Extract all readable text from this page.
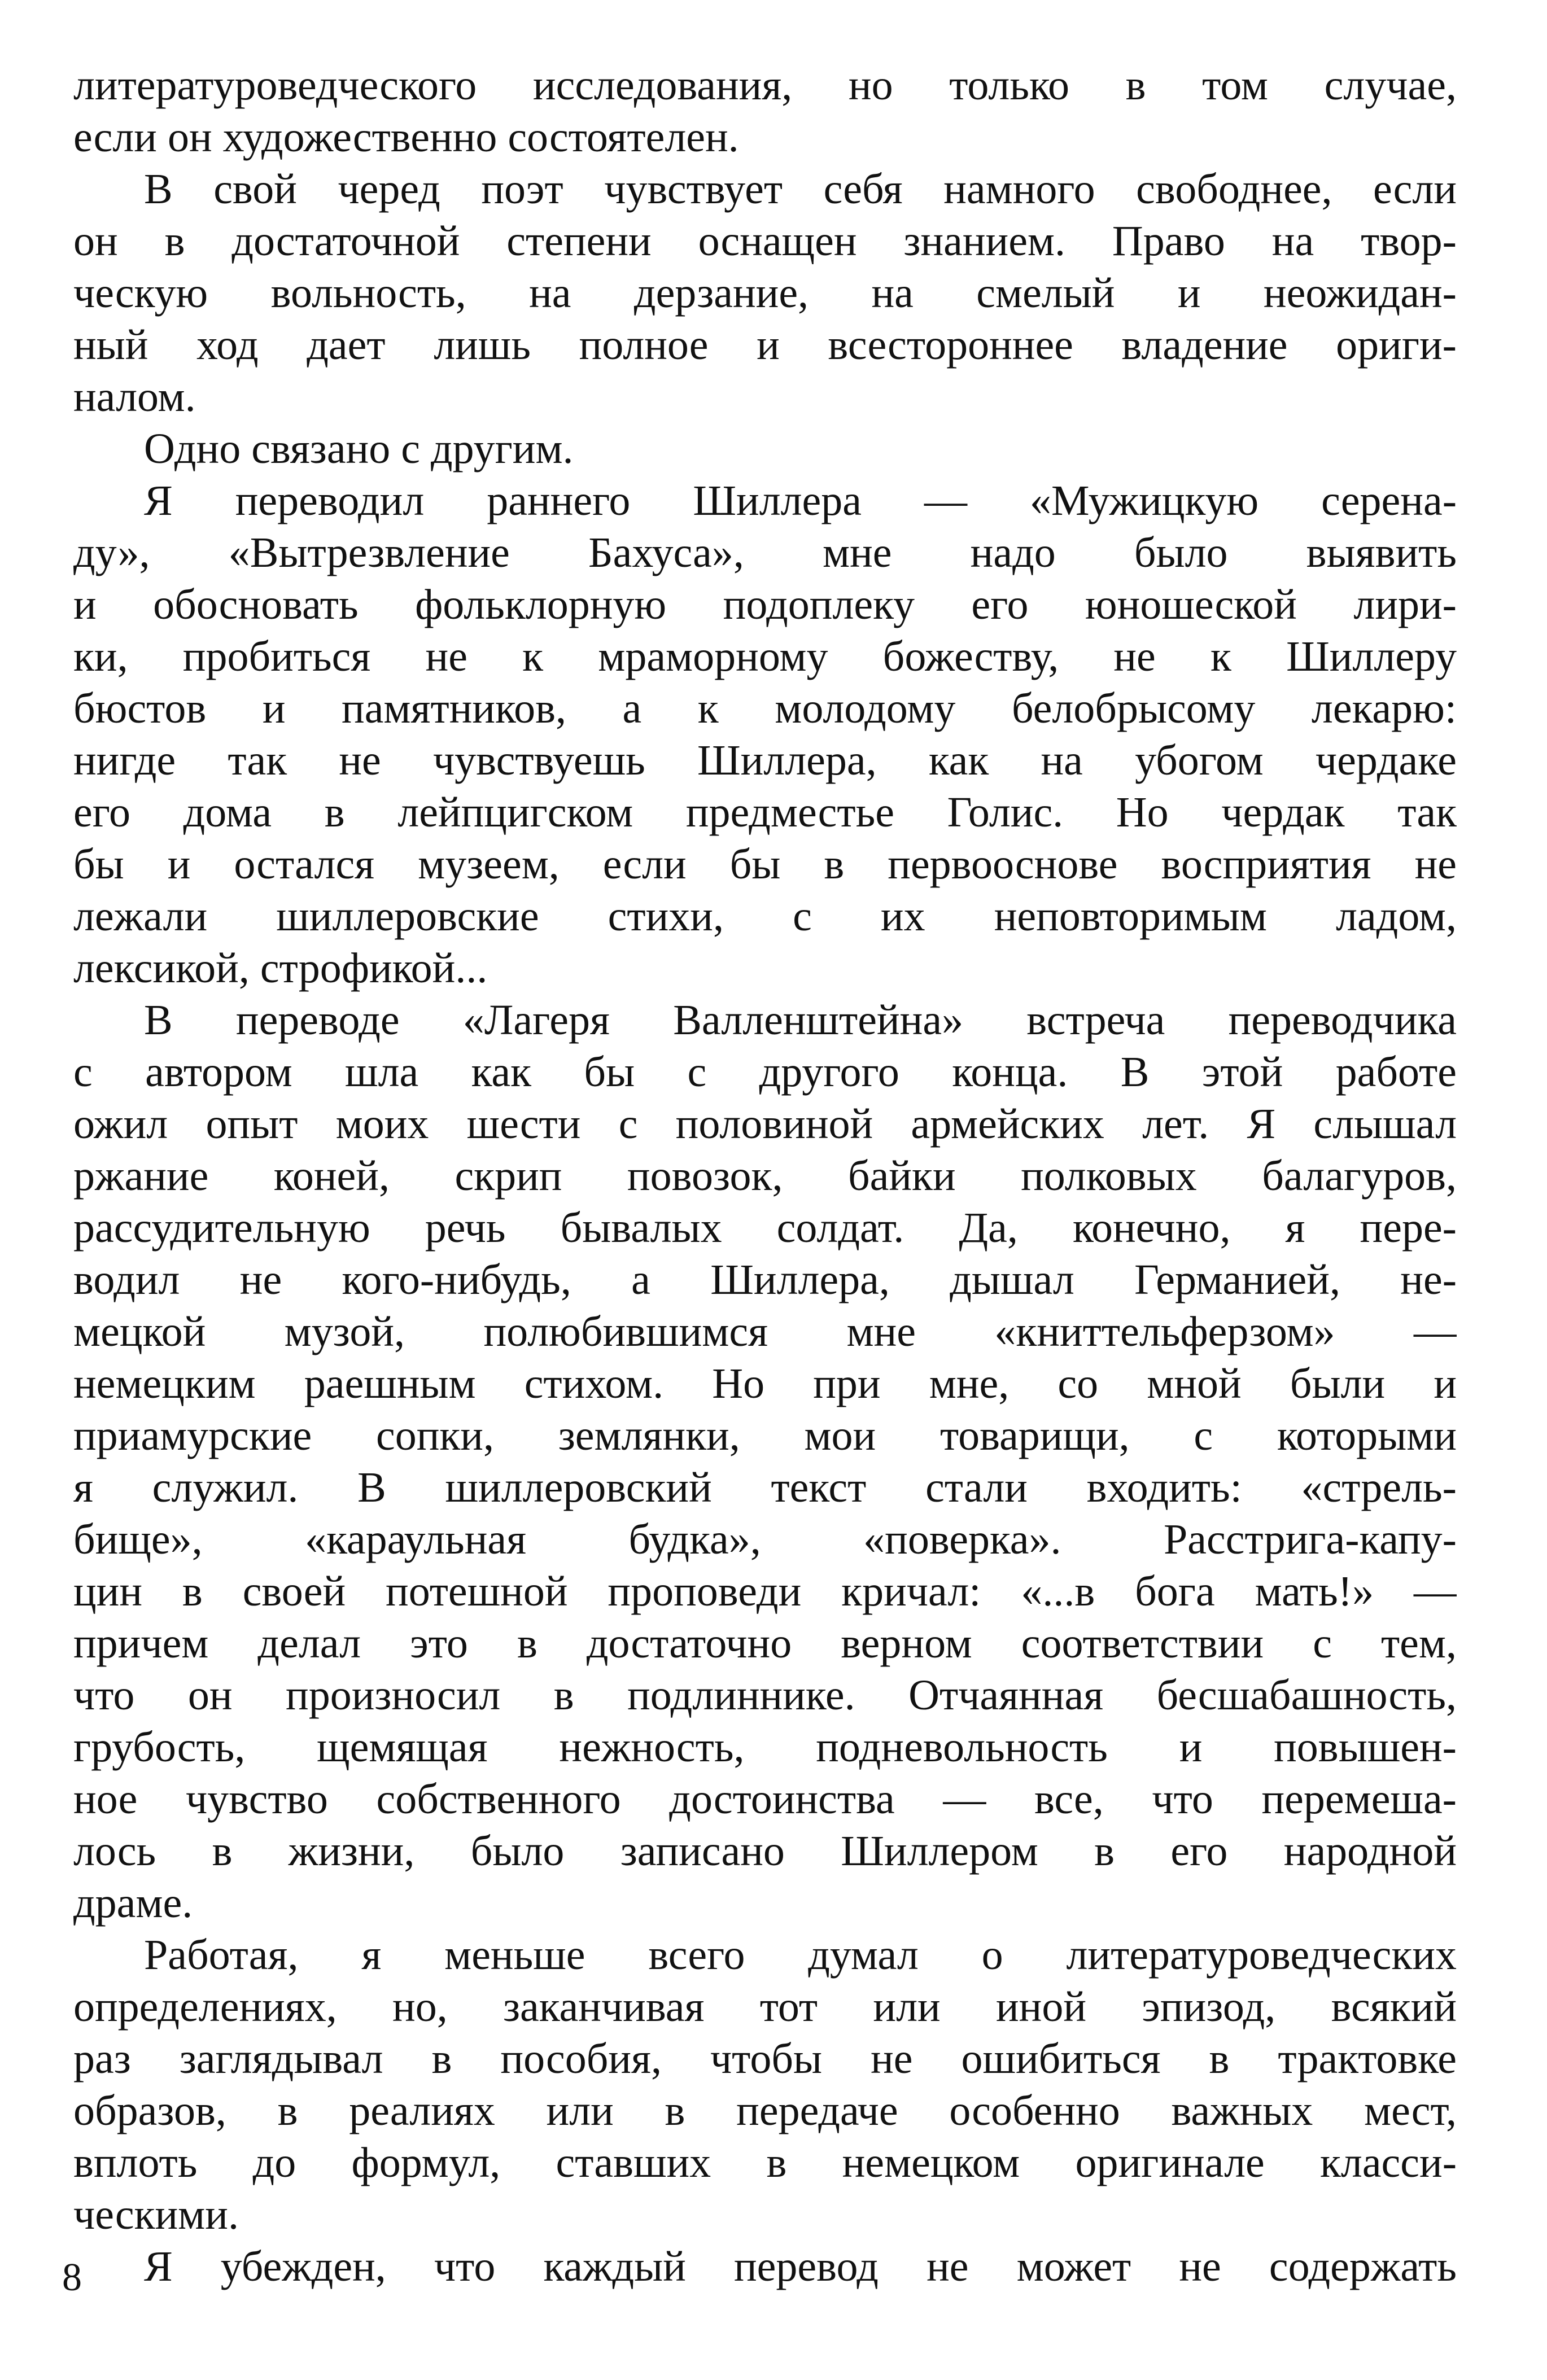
литературоведческого исследования, но только в том случае,
если он художественно состоятелен.
В свой черед поэт чувствует себя намного свободнее, если
он в достаточной степени оснащен знанием. Право на твор-
ческую вольность, на дерзание, на смелый и неожидан-
ный ход дает лишь полное и всестороннее владение ориги-
налом.
Одно связано с другим.
Я переводил раннего Шиллера — «Мужицкую серена-
ду», «Вытрезвление Бахуса», мне надо было выявить
и обосновать фольклорную подоплеку его юношеской лири-
ки, пробиться не к мраморному божеству, не к Шиллеру
бюстов и памятников, а к молодому белобрысому лекарю:
нигде так не чувствуешь Шиллера, как на убогом чердаке
его дома в лейпцигском предместье Голис. Но чердак так
бы и остался музеем, если бы в первооснове восприятия не
лежали шиллеровские стихи, с их неповторимым ладом,
лексикой, строфикой...
В переводе «Лагеря Валленштейна» встреча переводчика
с автором шла как бы с другого конца. В этой работе
ожил опыт моих шести с половиной армейских лет. Я слышал
ржание коней, скрип повозок, байки полковых балагуров,
рассудительную речь бывалых солдат. Да, конечно, я пере-
водил не кого-нибудь, а Шиллера, дышал Германией, не-
мецкой музой, полюбившимся мне «книттельферзом» —
немецким раешным стихом. Но при мне, со мной были и
приамурские сопки, землянки, мои товарищи, с которыми
я служил. В шиллеровский текст стали входить: «стрель-
бище», «караульная будка», «поверка». Расстрига-капу-
цин в своей потешной проповеди кричал: «...в бога мать!» —
причем делал это в достаточно верном соответствии с тем,
что он произносил в подлиннике. Отчаянная бесшабашность,
грубость, щемящая нежность, подневольность и повышен-
ное чувство собственного достоинства — все, что перемеша-
лось в жизни, было записано Шиллером в его народной
драме.
Работая, я меньше всего думал о литературоведческих
определениях, но, заканчивая тот или иной эпизод, всякий
раз заглядывал в пособия, чтобы не ошибиться в трактовке
образов, в реалиях или в передаче особенно важных мест,
вплоть до формул, ставших в немецком оригинале класси-
ческими.
Я убежден, что каждый перевод не может не содержать
8
